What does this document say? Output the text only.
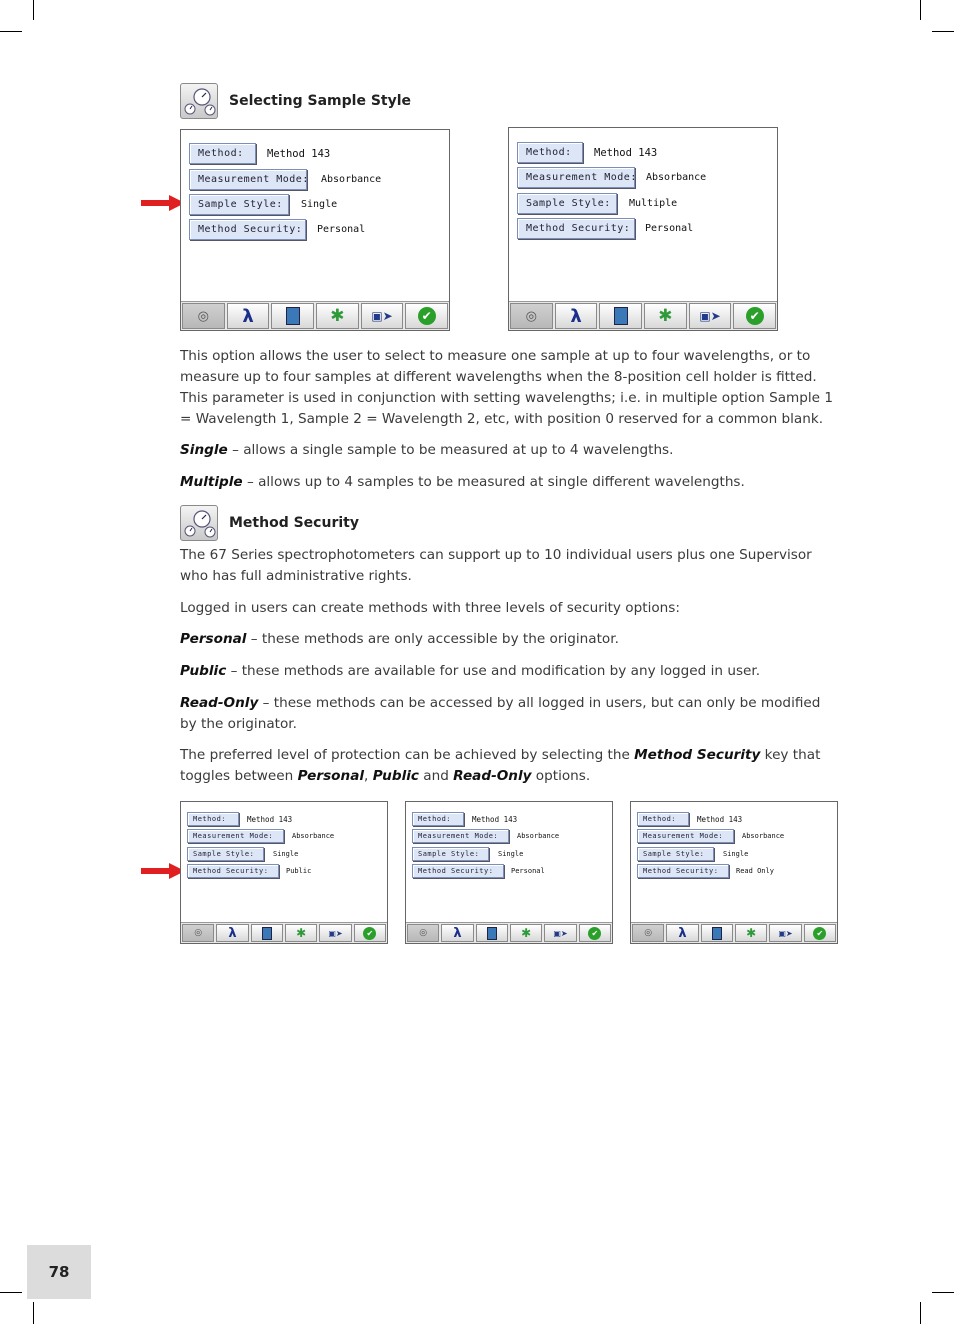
Selecting Sample Style
Method:	Method 143
Measurement Mode: Absorbance
Sample Style:	Single
Method Security:	Personal
◎ λ	✱ ▣➤	✔
Method:	Method 143
Measurement Mode: Absorbance
Sample Style:	Multiple
Method Security:	Personal
◎ λ	✱ ▣➤	✔
This option allows the user to select to measure one sample at up to four wavelengths, or to measure up to four samples at different wavelengths when the 8-position cell holder is fitted. This parameter is used in conjunction with setting wavelengths; i.e. in multiple option Sample 1 = Wavelength 1, Sample 2 = Wavelength 2, etc, with position 0 reserved for a common blank.
Single – allows a single sample to be measured at up to 4 wavelengths.
Multiple – allows up to 4 samples to be measured at single different wavelengths.
Method Security
The 67 Series spectrophotometers can support up to 10 individual users plus one Supervisor who has full administrative rights.
Logged in users can create methods with three levels of security options:
Personal – these methods are only accessible by the originator.
Public – these methods are available for use and modification by any logged in user.
Read-Only – these methods can be accessed by all logged in users, but can only be modified by the originator.
The preferred level of protection can be achieved by selecting the Method Security key that toggles between Personal, Public and Read-Only options.
Method:	Method 143
Measurement Mode:	Absorbance
Sample Style:	Single
Method Security:	Public
◎ λ	✱	▣➤	✔
Method:	Method 143
Measurement Mode:	Absorbance
Sample Style:	Single
Method Security:	Personal
◎ λ	✱	▣➤	✔
Method:	Method 143
Measurement Mode:	Absorbance
Sample Style:	Single
Method Security:	Read Only
◎ λ	✱	▣➤	✔
78
